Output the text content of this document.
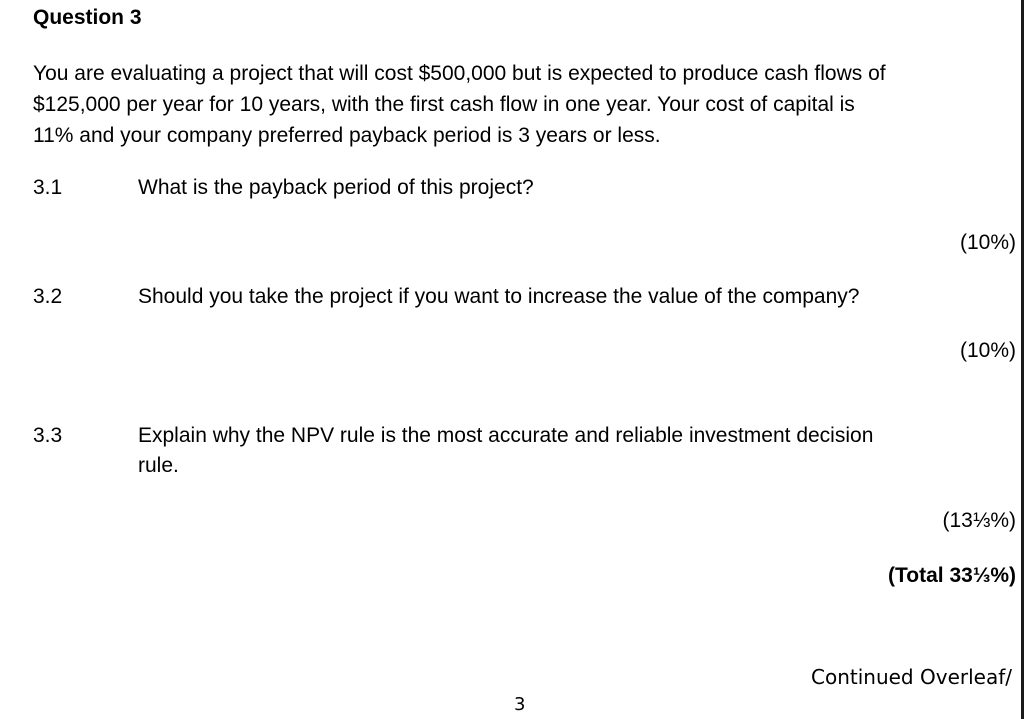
Question 3
You are evaluating a project that will cost $500,000 but is expected to produce cash flows of
$125,000 per year for 10 years, with the first cash flow in one year. Your cost of capital is
11% and your company preferred payback period is 3 years or less.
3.1	What is the payback period of this project?
(10%)
3.2	Should you take the project if you want to increase the value of the company?
(10%)
3.3	Explain why the NPV rule is the most accurate and reliable investment decision
rule.
(13⅓%)
(Total 33⅓%)
Continued Overleaf/
3
